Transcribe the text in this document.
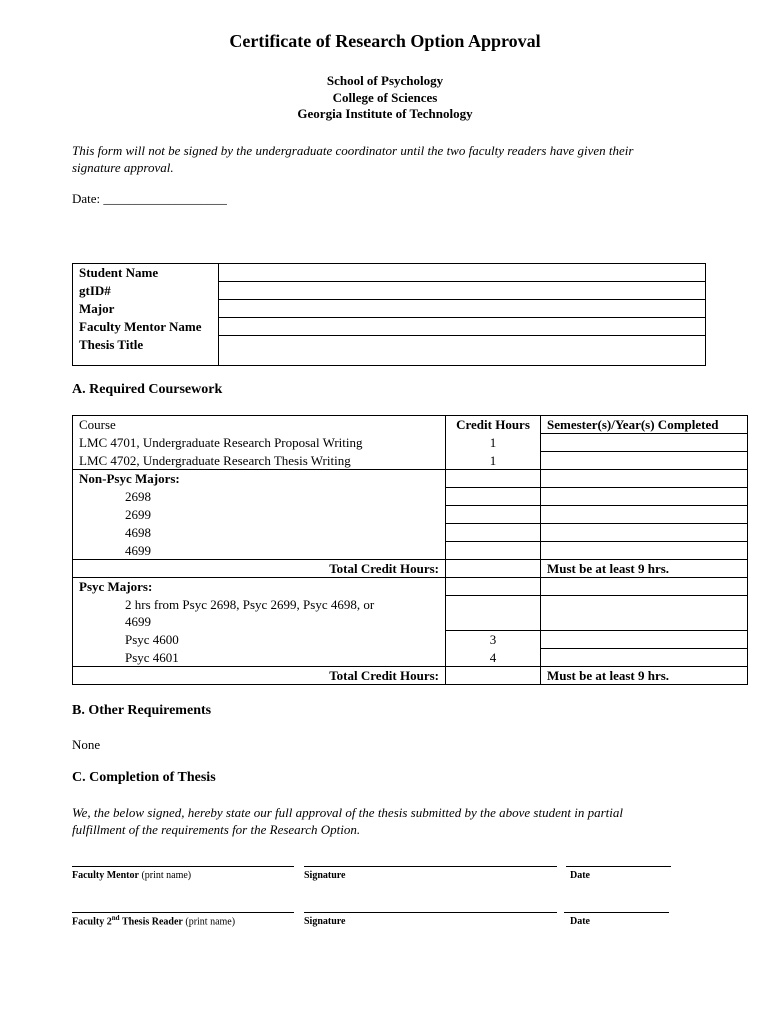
Certificate of Research Option Approval
School of Psychology
College of Sciences
Georgia Institute of Technology
This form will not be signed by the undergraduate coordinator until the two faculty readers have given their
signature approval.
Date: ___________________
Student Name	
gtID#	
Major	
Faculty Mentor Name	
Thesis Title	
A. Required Coursework
Course	Credit Hours	Semester(s)/Year(s) Completed
LMC 4701, Undergraduate Research Proposal Writing	1	
LMC 4702, Undergraduate Research Thesis Writing	1	
Non-Psyc Majors:		
2698		
2699		
4698		
4699		
Total Credit Hours:		Must be at least 9 hrs.
Psyc Majors:		

2 hrs from Psyc 2698, Psyc 2699, Psyc 4698, or
4699		

Psyc 4600	3	
Psyc 4601	4	
Total Credit Hours:		Must be at least 9 hrs.
B. Other Requirements
None
C. Completion of Thesis
We, the below signed, hereby state our full approval of the thesis submitted by the above student in partial
fulfillment of the requirements for the Research Option.
Faculty Mentor (print name)	Signature	Date
Faculty 2nd Thesis Reader (print name)	Signature	Date
